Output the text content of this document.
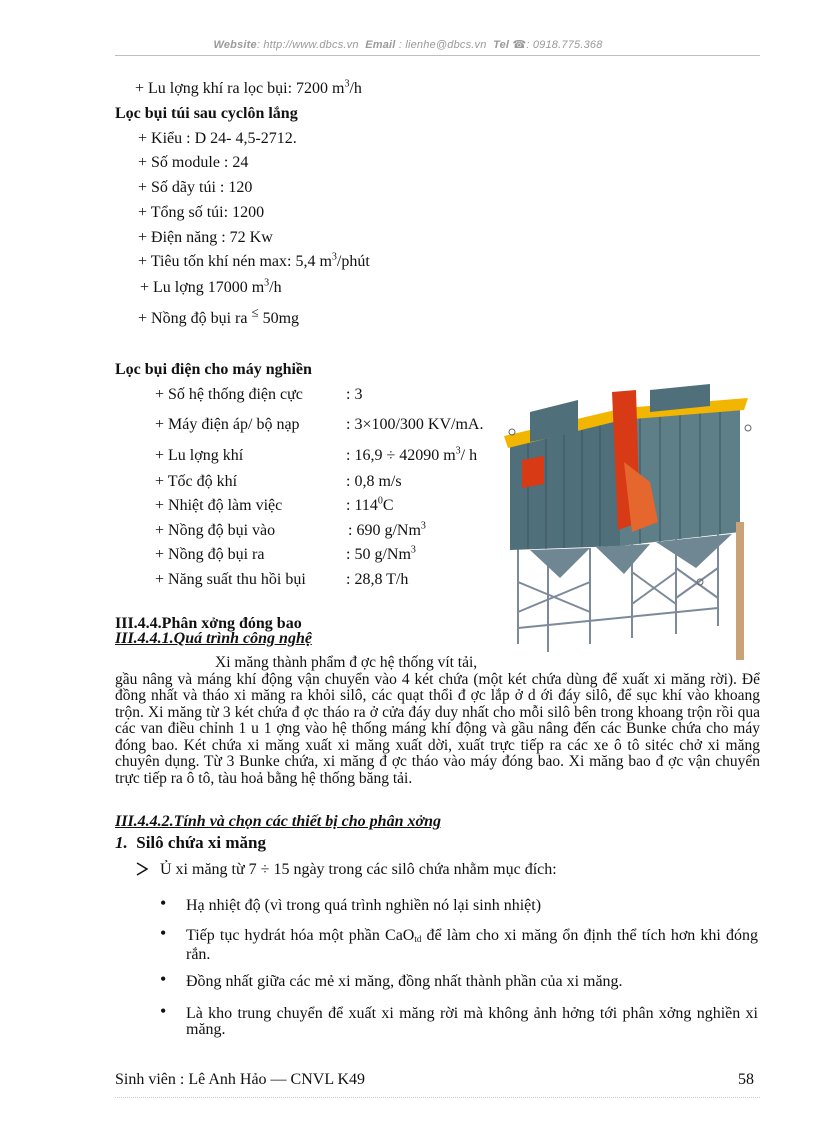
Website: http://www.dbcs.vn Email : lienhe@dbcs.vn Tel ☎: 0918.775.368
+ Lu lợng khí ra lọc bụi: 7200 $m^3/h$
Lọc bụi túi sau cyclôn lắng
+ Kiểu : D 24- 4,5-2712.
+ Số module : 24
+ Số dãy túi : 120
+ Tổng số túi: 1200
+ Điện năng : 72 Kw
+ Tiêu tốn khí nén max: 5,4 $m^3$/phút
+ Lu lợng 17000 $m^3/h$
+ Nồng độ bụi ra ≤ 50mg
Lọc bụi điện cho máy nghiền
+ Số hệ thống điện cực	: 3
+ Máy điện áp/ bộ nạp	: 3×100/300 KV/mA.
+ Lu lợng khí	: 16,9 ÷ 42090 $m^3/$ h
+ Tốc độ khí	: 0,8 m/s
+ Nhiệt độ làm việc	: $114^0C$
+ Nồng độ bụi vào	: 690 $g/Nm^3$
+ Nồng độ bụi ra	: 50 $g/Nm^3$
+ Năng suất thu hồi bụi	: 28,8 T/h
III.4.4.Phân xởng đóng bao
III.4.4.1.Quá trình công nghệ
Xi măng thành phẩm đ ợc hệ thống vít tải,
gầu nâng và máng khí động vận chuyển vào 4 két chứa (một két chứa dùng để xuất xi măng rời). Để đồng nhất và tháo xi măng ra khỏi silô, các quạt thổi đ ợc lắp ở d ới đáy silô, để sục khí vào khoang trộn. Xi măng từ 3 két chứa đ ợc tháo ra ở cửa đáy duy nhất cho mỗi silô bên trong khoang trộn rồi qua các van điều chỉnh 1 u 1 ợng vào hệ thống máng khí động và gầu nâng đến các Bunke chứa cho máy đóng bao. Két chứa xi măng xuất xi măng xuất dời, xuất trực tiếp ra các xe ô tô sitéc chở xi măng chuyên dụng. Từ 3 Bunke chứa, xi măng đ ợc tháo vào máy đóng bao. Xi măng bao đ ợc vận chuyển trực tiếp ra ô tô, tàu hoả bằng hệ thống băng tải.
III.4.4.2.Tính và chọn các thiết bị cho phân xởng
1. Silô chứa xi măng
Ủ xi măng từ 7 ÷ 15 ngày trong các silô chứa nhằm mục đích:
• Hạ nhiệt độ (vì trong quá trình nghiền nó lại sinh nhiệt)
• Tiếp tục hydrát hóa một phần CaO$_{td}$ để làm cho xi măng ổn định thể tích hơn khi đóng rắn.
• Đồng nhất giữa các mẻ xi măng, đồng nhất thành phần của xi măng.
• Là kho trung chuyển để xuất xi măng rời mà không ảnh hởng tới phân xởng nghiền xi măng.
Sinh viên : Lê Anh Hảo — CNVL K49	58
